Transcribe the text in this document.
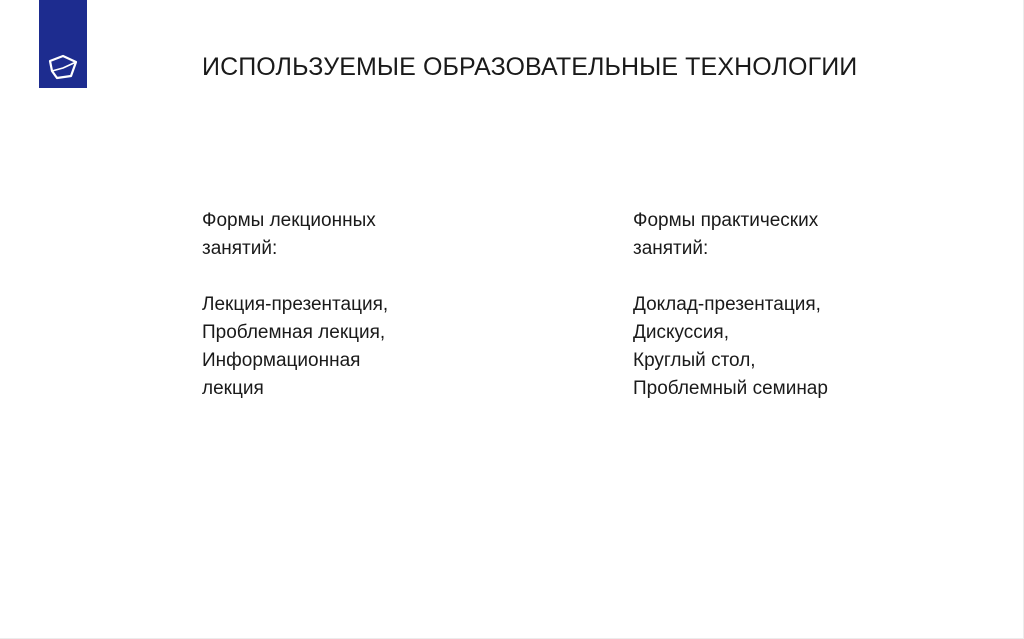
ИСПОЛЬЗУЕМЫЕ ОБРАЗОВАТЕЛЬНЫЕ ТЕХНОЛОГИИ
Формы лекционных
занятий:
Лекция-презентация,
Проблемная лекция,
Информационная
лекция
Формы практических
занятий:
Доклад-презентация,
Дискуссия,
Круглый стол,
Проблемный семинар
